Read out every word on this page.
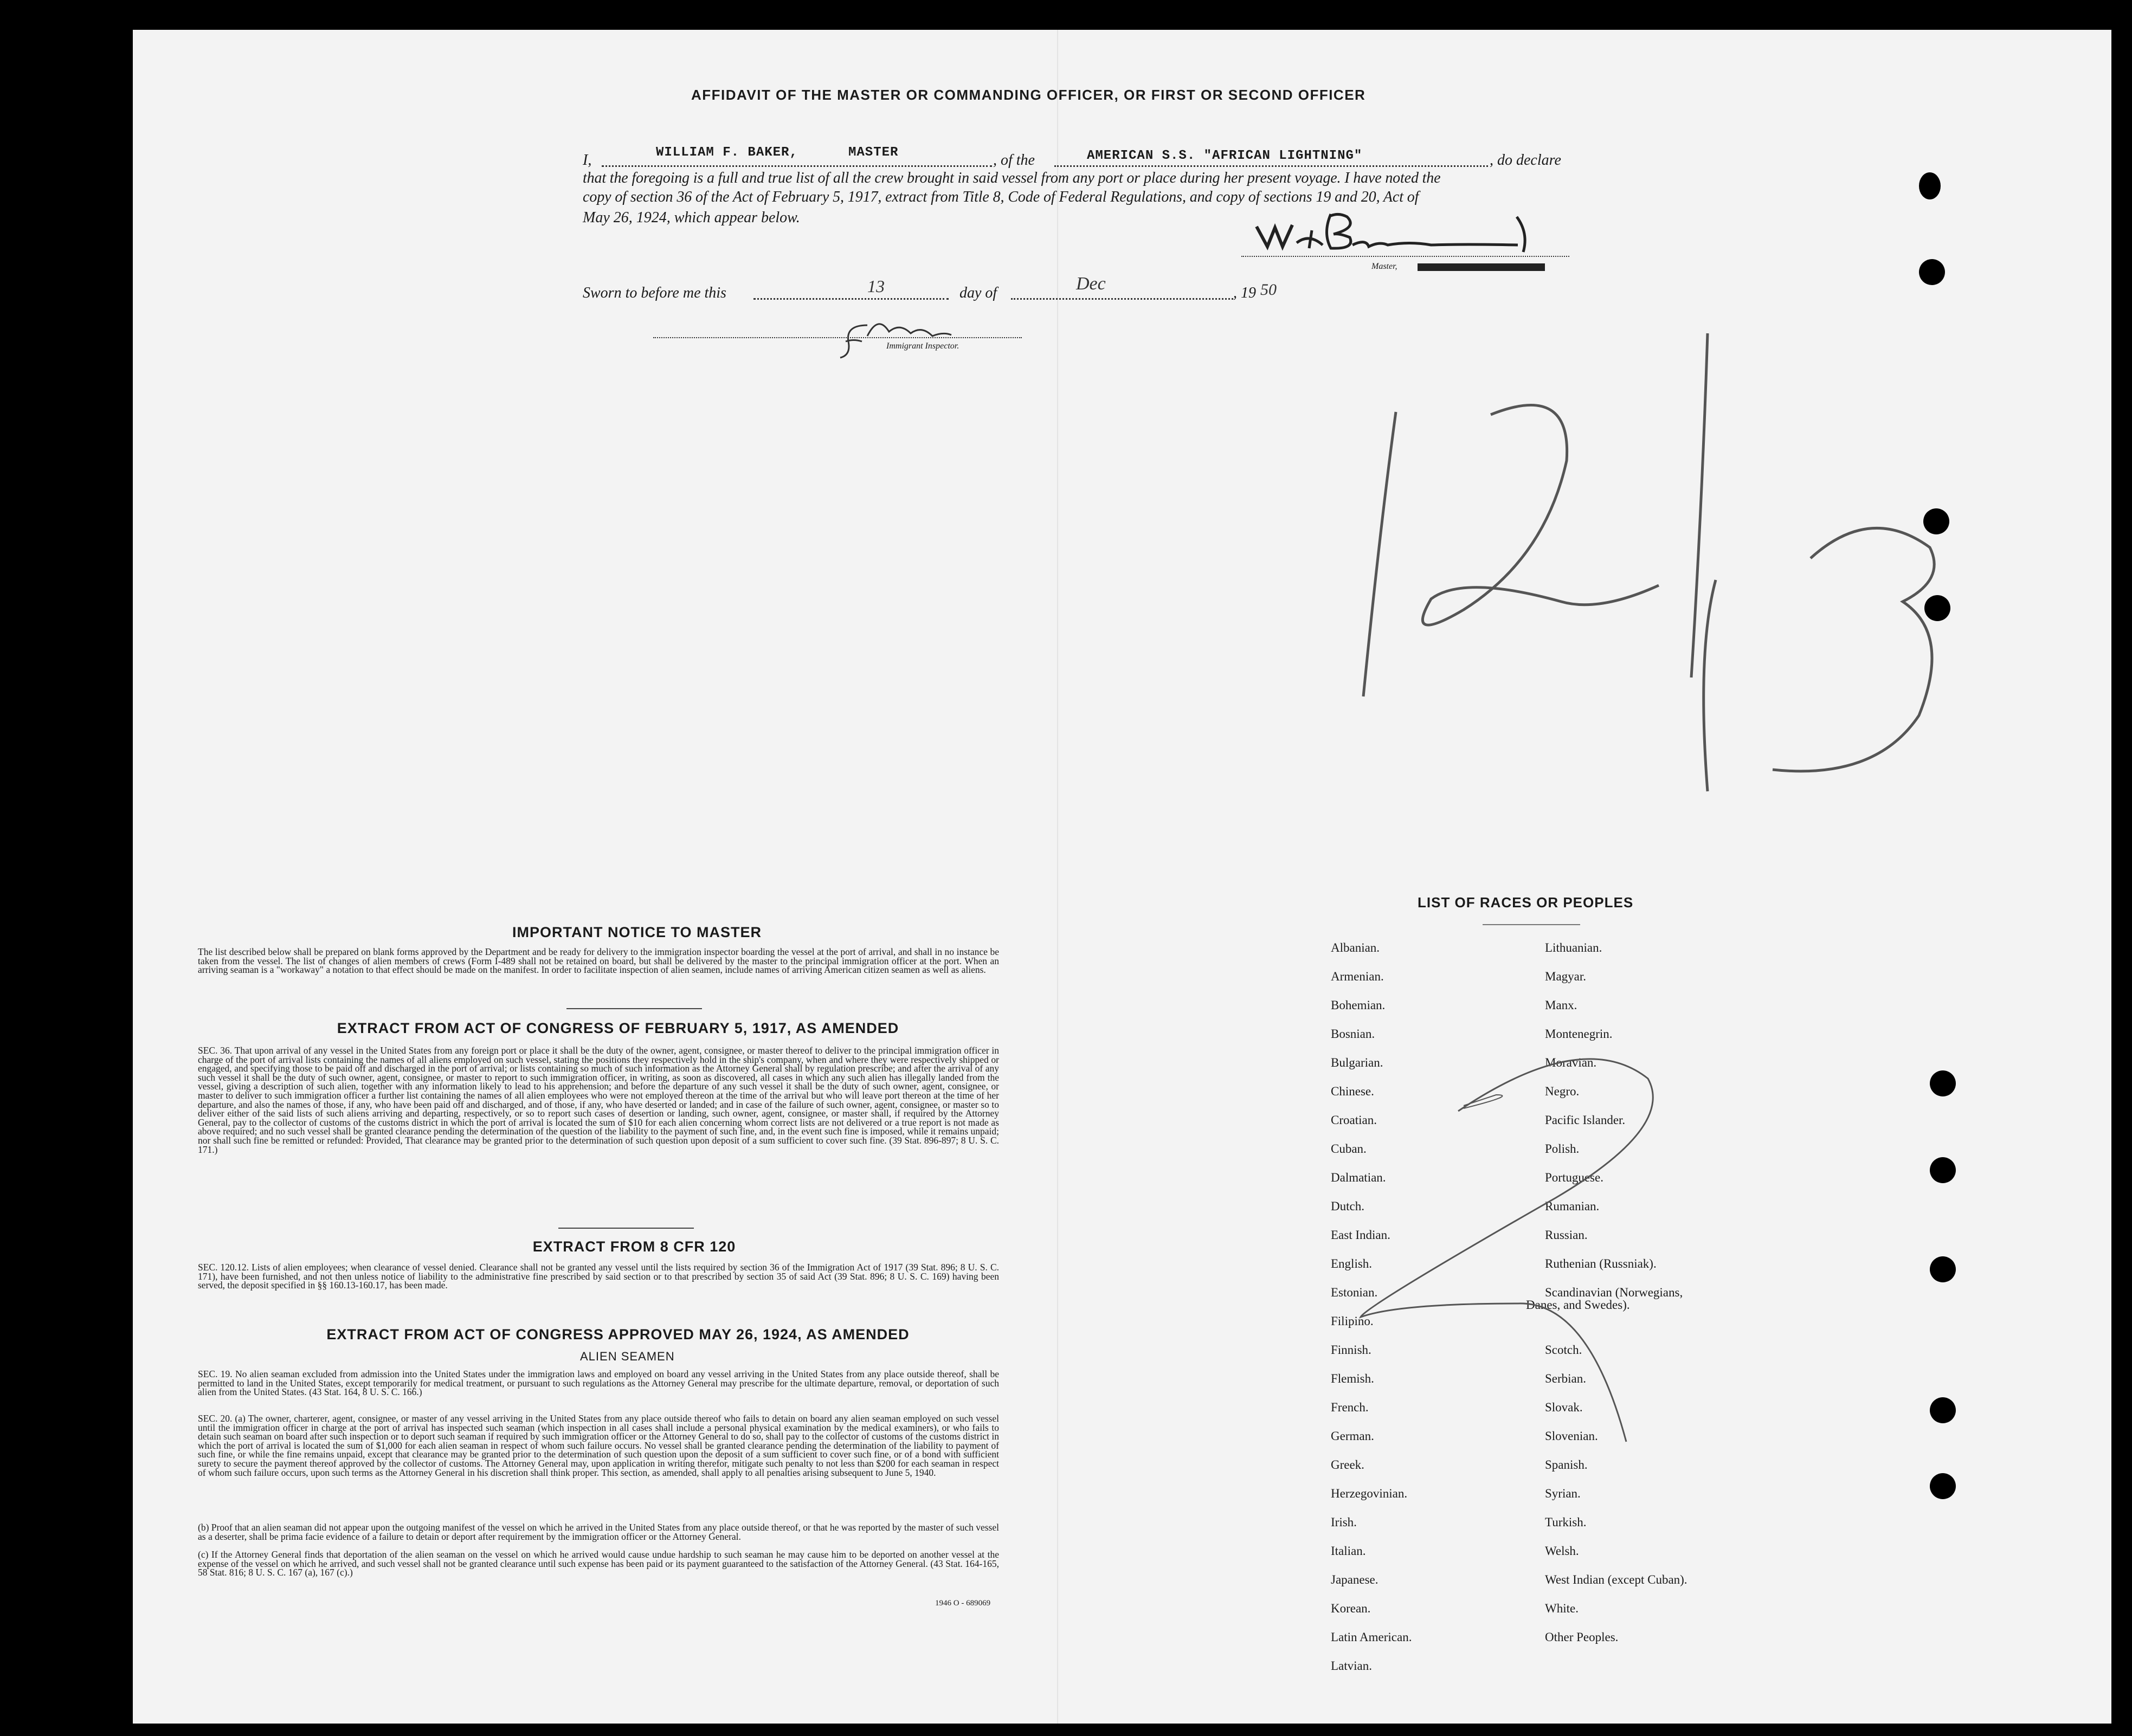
AFFIDAVIT OF THE MASTER OR COMMANDING OFFICER, OR FIRST OR SECOND OFFICER
I,	WILLIAM F. BAKER,	MASTER	, of the	AMERICAN S.S. "AFRICAN LIGHTNING"	, do declare
that the foregoing is a full and true list of all the crew brought in said vessel from any port or place during her present voyage. I have noted the
copy of section 36 of the Act of February 5, 1917, extract from Title 8, Code of Federal Regulations, and copy of sections 19 and 20, Act of
May 26, 1924, which appear below.
Master,
Sworn to before me this	13	day of	Dec	, 19 50
Immigrant Inspector.
IMPORTANT NOTICE TO MASTER
The list described below shall be prepared on blank forms approved by the Department and be ready for delivery to the immigration inspector boarding the vessel at the port of arrival, and shall in no instance be taken from the vessel. The list of changes of alien members of crews (Form I-489 shall not be retained on board, but shall be delivered by the master to the principal immigration officer at the port. When an arriving seaman is a "workaway" a notation to that effect should be made on the manifest. In order to facilitate inspection of alien seamen, include names of arriving American citizen seamen as well as aliens.
EXTRACT FROM ACT OF CONGRESS OF FEBRUARY 5, 1917, AS AMENDED
SEC. 36. That upon arrival of any vessel in the United States from any foreign port or place it shall be the duty of the owner, agent, consignee, or master thereof to deliver to the principal immigration officer in charge of the port of arrival lists containing the names of all aliens employed on such vessel, stating the positions they respectively hold in the ship's company, when and where they were respectively shipped or engaged, and specifying those to be paid off and discharged in the port of arrival; or lists containing so much of such information as the Attorney General shall by regulation prescribe; and after the arrival of any such vessel it shall be the duty of such owner, agent, consignee, or master to report to such immigration officer, in writing, as soon as discovered, all cases in which any such alien has illegally landed from the vessel, giving a description of such alien, together with any information likely to lead to his apprehension; and before the departure of any such vessel it shall be the duty of such owner, agent, consignee, or master to deliver to such immigration officer a further list containing the names of all alien employees who were not employed thereon at the time of the arrival but who will leave port thereon at the time of her departure, and also the names of those, if any, who have been paid off and discharged, and of those, if any, who have deserted or landed; and in case of the failure of such owner, agent, consignee, or master so to deliver either of the said lists of such aliens arriving and departing, respectively, or so to report such cases of desertion or landing, such owner, agent, consignee, or master shall, if required by the Attorney General, pay to the collector of customs of the customs district in which the port of arrival is located the sum of $10 for each alien concerning whom correct lists are not delivered or a true report is not made as above required; and no such vessel shall be granted clearance pending the determination of the question of the liability to the payment of such fine, and, in the event such fine is imposed, while it remains unpaid; nor shall such fine be remitted or refunded: Provided, That clearance may be granted prior to the determination of such question upon deposit of a sum sufficient to cover such fine. (39 Stat. 896-897; 8 U. S. C. 171.)
EXTRACT FROM 8 CFR 120
SEC. 120.12. Lists of alien employees; when clearance of vessel denied. Clearance shall not be granted any vessel until the lists required by section 36 of the Immigration Act of 1917 (39 Stat. 896; 8 U. S. C. 171), have been furnished, and not then unless notice of liability to the administrative fine prescribed by said section or to that prescribed by section 35 of said Act (39 Stat. 896; 8 U. S. C. 169) having been served, the deposit specified in §§ 160.13-160.17, has been made.
EXTRACT FROM ACT OF CONGRESS APPROVED MAY 26, 1924, AS AMENDED
ALIEN SEAMEN
SEC. 19. No alien seaman excluded from admission into the United States under the immigration laws and employed on board any vessel arriving in the United States from any place outside thereof, shall be permitted to land in the United States, except temporarily for medical treatment, or pursuant to such regulations as the Attorney General may prescribe for the ultimate departure, removal, or deportation of such alien from the United States. (43 Stat. 164, 8 U. S. C. 166.)
SEC. 20. (a) The owner, charterer, agent, consignee, or master of any vessel arriving in the United States from any place outside thereof who fails to detain on board any alien seaman employed on such vessel until the immigration officer in charge at the port of arrival has inspected such seaman (which inspection in all cases shall include a personal physical examination by the medical examiners), or who fails to detain such seaman on board after such inspection or to deport such seaman if required by such immigration officer or the Attorney General to do so, shall pay to the collector of customs of the customs district in which the port of arrival is located the sum of $1,000 for each alien seaman in respect of whom such failure occurs. No vessel shall be granted clearance pending the determination of the liability to payment of such fine, or while the fine remains unpaid, except that clearance may be granted prior to the determination of such question upon the deposit of a sum sufficient to cover such fine, or of a bond with sufficient surety to secure the payment thereof approved by the collector of customs. The Attorney General may, upon application in writing therefor, mitigate such penalty to not less than $200 for each seaman in respect of whom such failure occurs, upon such terms as the Attorney General in his discretion shall think proper. This section, as amended, shall apply to all penalties arising subsequent to June 5, 1940.
(b) Proof that an alien seaman did not appear upon the outgoing manifest of the vessel on which he arrived in the United States from any place outside thereof, or that he was reported by the master of such vessel as a deserter, shall be prima facie evidence of a failure to detain or deport after requirement by the immigration officer or the Attorney General.
(c) If the Attorney General finds that deportation of the alien seaman on the vessel on which he arrived would cause undue hardship to such seaman he may cause him to be deported on another vessel at the expense of the vessel on which he arrived, and such vessel shall not be granted clearance until such expense has been paid or its payment guaranteed to the satisfaction of the Attorney General. (43 Stat. 164-165, 58 Stat. 816; 8 U. S. C. 167 (a), 167 (c).)
1946 O - 689069
LIST OF RACES OR PEOPLES
Albanian.
Armenian.
Bohemian.
Bosnian.
Bulgarian.
Chinese.
Croatian.
Cuban.
Dalmatian.
Dutch.
East Indian.
English.
Estonian.
Filipino.
Finnish.
Flemish.
French.
German.
Greek.
Herzegovinian.
Irish.
Italian.
Japanese.
Korean.
Latin American.
Latvian.
Lithuanian.
Magyar.
Manx.
Montenegrin.
Moravian.
Negro.
Pacific Islander.
Polish.
Portuguese.
Rumanian.
Russian.
Ruthenian (Russniak).
Scandinavian (Norwegians,
Scotch.
Serbian.
Slovak.
Slovenian.
Spanish.
Syrian.
Turkish.
Welsh.
West Indian (except Cuban).
White.
Other Peoples.
Danes, and Swedes).
